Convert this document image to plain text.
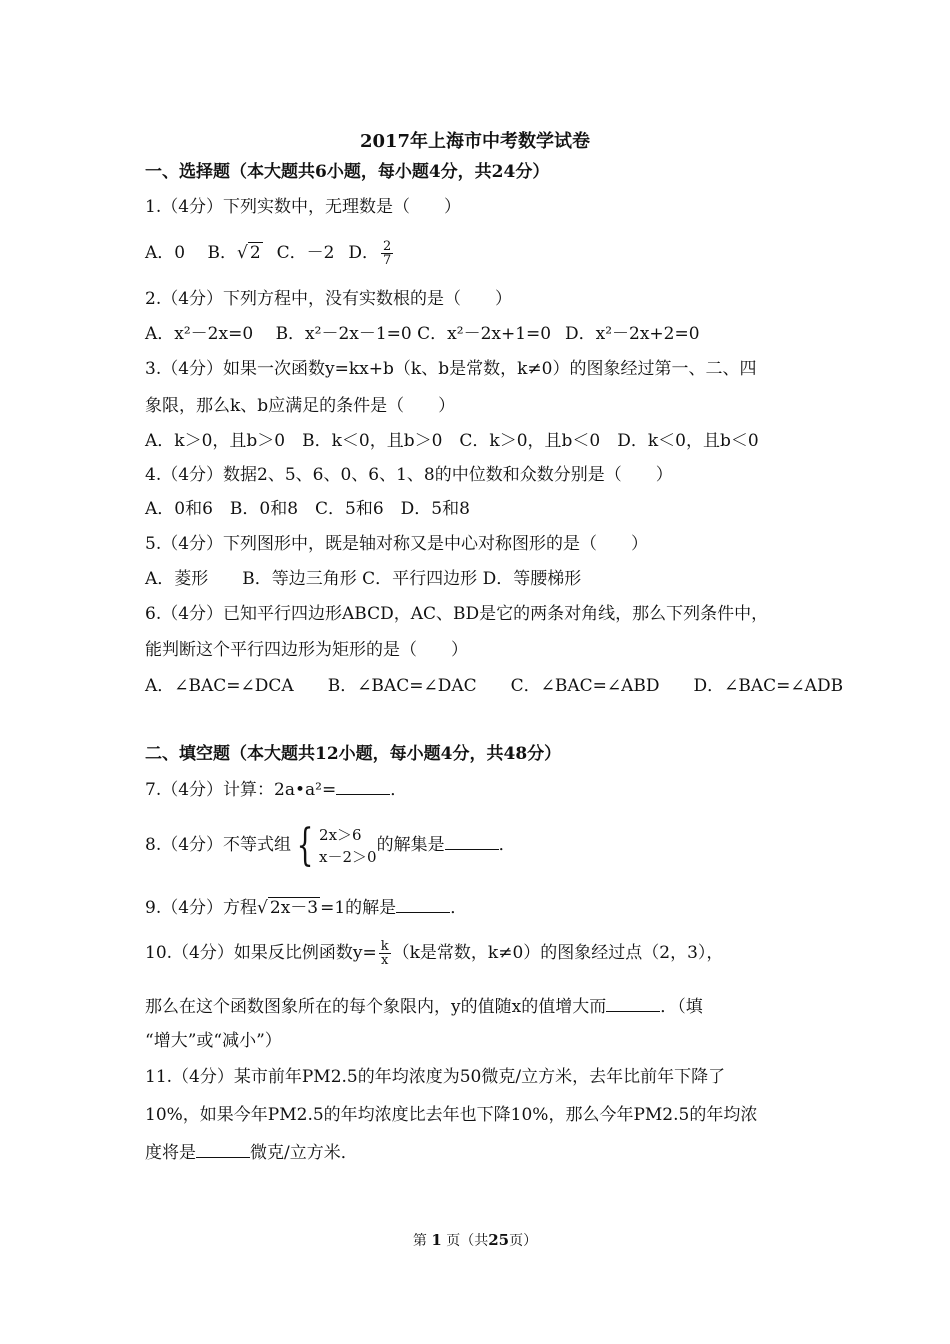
2017年上海市中考数学试卷
一、选择题（本大题共6小题，每小题4分，共24分）
1.（4分）下列实数中，无理数是（　　）
A．0  B．√ 2  C．－2  D． $\frac{2}{7}$
2.（4分）下列方程中，没有实数根的是（　　）
A．x²－2x=0  B．x²－2x－1=0 C．x²－2x+1=0  D．x²－2x+2=0
3.（4分）如果一次函数y=kx+b（k、b是常数，k≠0）的图象经过第一、二、四
象限，那么k、b应满足的条件是（　　）
A．k＞0，且b＞0　B．k＜0，且b＞0　C．k＞0，且b＜0　D．k＜0，且b＜0
4.（4分）数据2、5、6、0、6、1、8的中位数和众数分别是（　　）
A．0和6　B．0和8　C．5和6　D．5和8
5.（4分）下列图形中，既是轴对称又是中心对称图形的是（　　）
A．菱形　　B．等边三角形 C．平行四边形 D．等腰梯形
6.（4分）已知平行四边形ABCD，AC、BD是它的两条对角线，那么下列条件中，
能判断这个平行四边形为矩形的是（　　）
A．∠BAC=∠DCA　　B．∠BAC=∠DAC　　C．∠BAC=∠ABD　　D．∠BAC=∠ADB
二、填空题（本大题共12小题，每小题4分，共48分）
7.（4分）计算：2a•a²=	．
8.（4分）不等式组 { 2x＞6
x－2＞0
的解集是	．
9.（4分）方程√ 2x－3 =1的解是	．
10.（4分）如果反比例函数$y= \frac{k}{x} (k$是常数，k≠0）的图象经过点（2，3），
那么在这个函数图象所在的每个象限内，y的值随x的值增大而	．（填
“增大”或“减小”）
11.（4分）某市前年PM2.5的年均浓度为50微克/立方米，去年比前年下降了
10%，如果今年PM2.5的年均浓度比去年也下降10%，那么今年PM2.5的年均浓
度将是	微克/立方米．
第 1 页（共25页）
